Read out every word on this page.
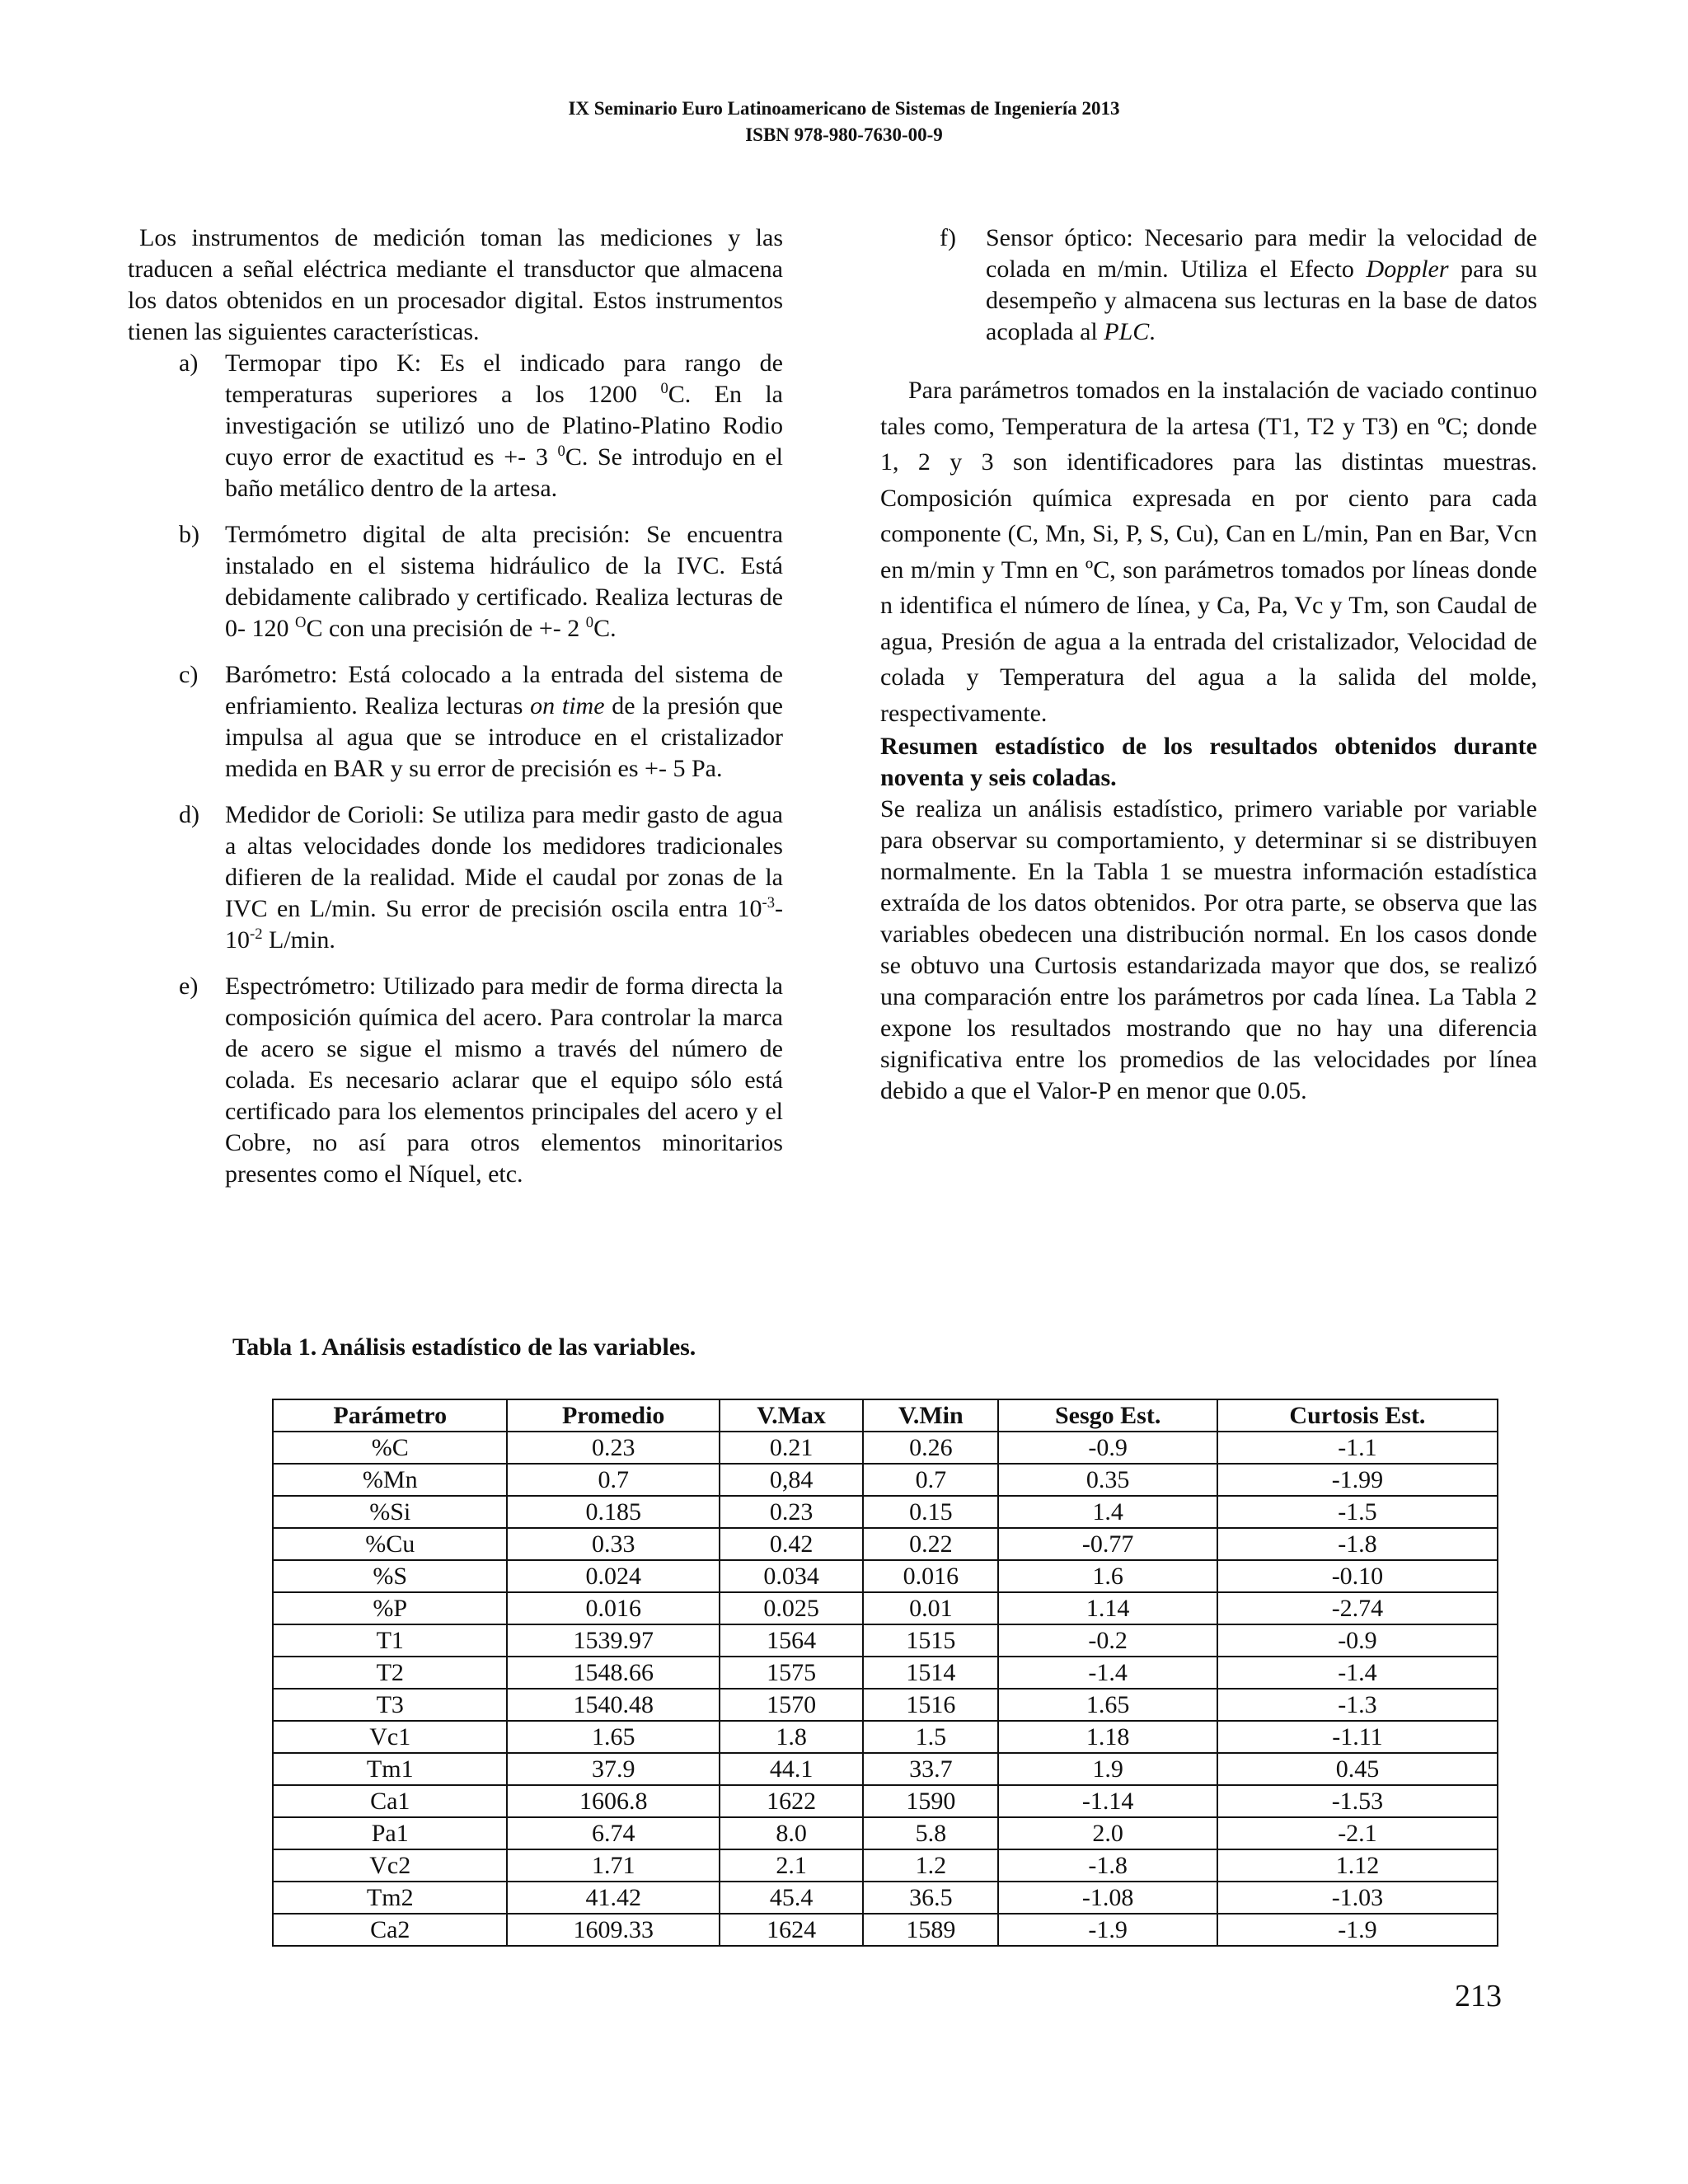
IX Seminario Euro Latinoamericano de Sistemas de Ingeniería 2013
ISBN 978-980-7630-00-9

Los instrumentos de medición toman las mediciones y las traducen a señal eléctrica mediante el transductor que almacena los datos obtenidos en un procesador digital. Estos instrumentos tienen las siguientes características.

a) Termopar tipo K: Es el indicado para rango de temperaturas superiores a los 1200 $^0$C. En la investigación se utilizó uno de Platino-Platino Rodio cuyo error de exactitud es +- 3 $^0$C. Se introdujo en el baño metálico dentro de la artesa.
b) Termómetro digital de alta precisión: Se encuentra instalado en el sistema hidráulico de la IVC. Está debidamente calibrado y certificado. Realiza lecturas de 0- 120 $^O$C con una precisión de +- 2 $^0$C.
c) Barómetro: Está colocado a la entrada del sistema de enfriamiento. Realiza lecturas on time de la presión que impulsa al agua que se introduce en el cristalizador medida en BAR y su error de precisión es +- 5 Pa.
d) Medidor de Corioli: Se utiliza para medir gasto de agua a altas velocidades donde los medidores tradicionales difieren de la realidad. Mide el caudal por zonas de la IVC en L/min. Su error de precisión oscila entra $10^{-3}-10^{-2}$ L/min.
e) Espectrómetro: Utilizado para medir de forma directa la composición química del acero. Para controlar la marca de acero se sigue el mismo a través del número de colada. Es necesario aclarar que el equipo sólo está certificado para los elementos principales del acero y el Cobre, no así para otros elementos minoritarios presentes como el Níquel, etc.
f) Sensor óptico: Necesario para medir la velocidad de colada en m/min. Utiliza el Efecto Doppler para su desempeño y almacena sus lecturas en la base de datos acoplada al PLC.

Para parámetros tomados en la instalación de vaciado continuo tales como, Temperatura de la artesa (T1, T2 y T3) en ºC; donde 1, 2 y 3 son identificadores para las distintas muestras. Composición química expresada en por ciento para cada componente (C, Mn, Si, P, S, Cu), Can en L/min, Pan en Bar, Vcn en m/min y Tmn en ºC, son parámetros tomados por líneas donde n identifica el número de línea, y Ca, Pa, Vc y Tm, son Caudal de agua, Presión de agua a la entrada del cristalizador, Velocidad de colada y Temperatura del agua a la salida del molde, respectivamente.

Resumen estadístico de los resultados obtenidos durante noventa y seis coladas.

Se realiza un análisis estadístico, primero variable por variable para observar su comportamiento, y determinar si se distribuyen normalmente. En la Tabla 1 se muestra información estadística extraída de los datos obtenidos. Por otra parte, se observa que las variables obedecen una distribución normal. En los casos donde se obtuvo una Curtosis estandarizada mayor que dos, se realizó una comparación entre los parámetros por cada línea. La Tabla 2 expone los resultados mostrando que no hay una diferencia significativa entre los promedios de las velocidades por línea debido a que el Valor-P en menor que 0.05.

Tabla 1. Análisis estadístico de las variables.
Parámetro	Promedio	V.Max	V.Min	Sesgo Est.	Curtosis Est.
%C	0.23	0.21	0.26	-0.9	-1.1
%Mn	0.7	0,84	0.7	0.35	-1.99
%Si	0.185	0.23	0.15	1.4	-1.5
%Cu	0.33	0.42	0.22	-0.77	-1.8
%S	0.024	0.034	0.016	1.6	-0.10
%P	0.016	0.025	0.01	1.14	-2.74
T1	1539.97	1564	1515	-0.2	-0.9
T2	1548.66	1575	1514	-1.4	-1.4
T3	1540.48	1570	1516	1.65	-1.3
Vc1	1.65	1.8	1.5	1.18	-1.11
Tm1	37.9	44.1	33.7	1.9	0.45
Ca1	1606.8	1622	1590	-1.14	-1.53
Pa1	6.74	8.0	5.8	2.0	-2.1
Vc2	1.71	2.1	1.2	-1.8	1.12
Tm2	41.42	45.4	36.5	-1.08	-1.03
Ca2	1609.33	1624	1589	-1.9	-1.9
213
